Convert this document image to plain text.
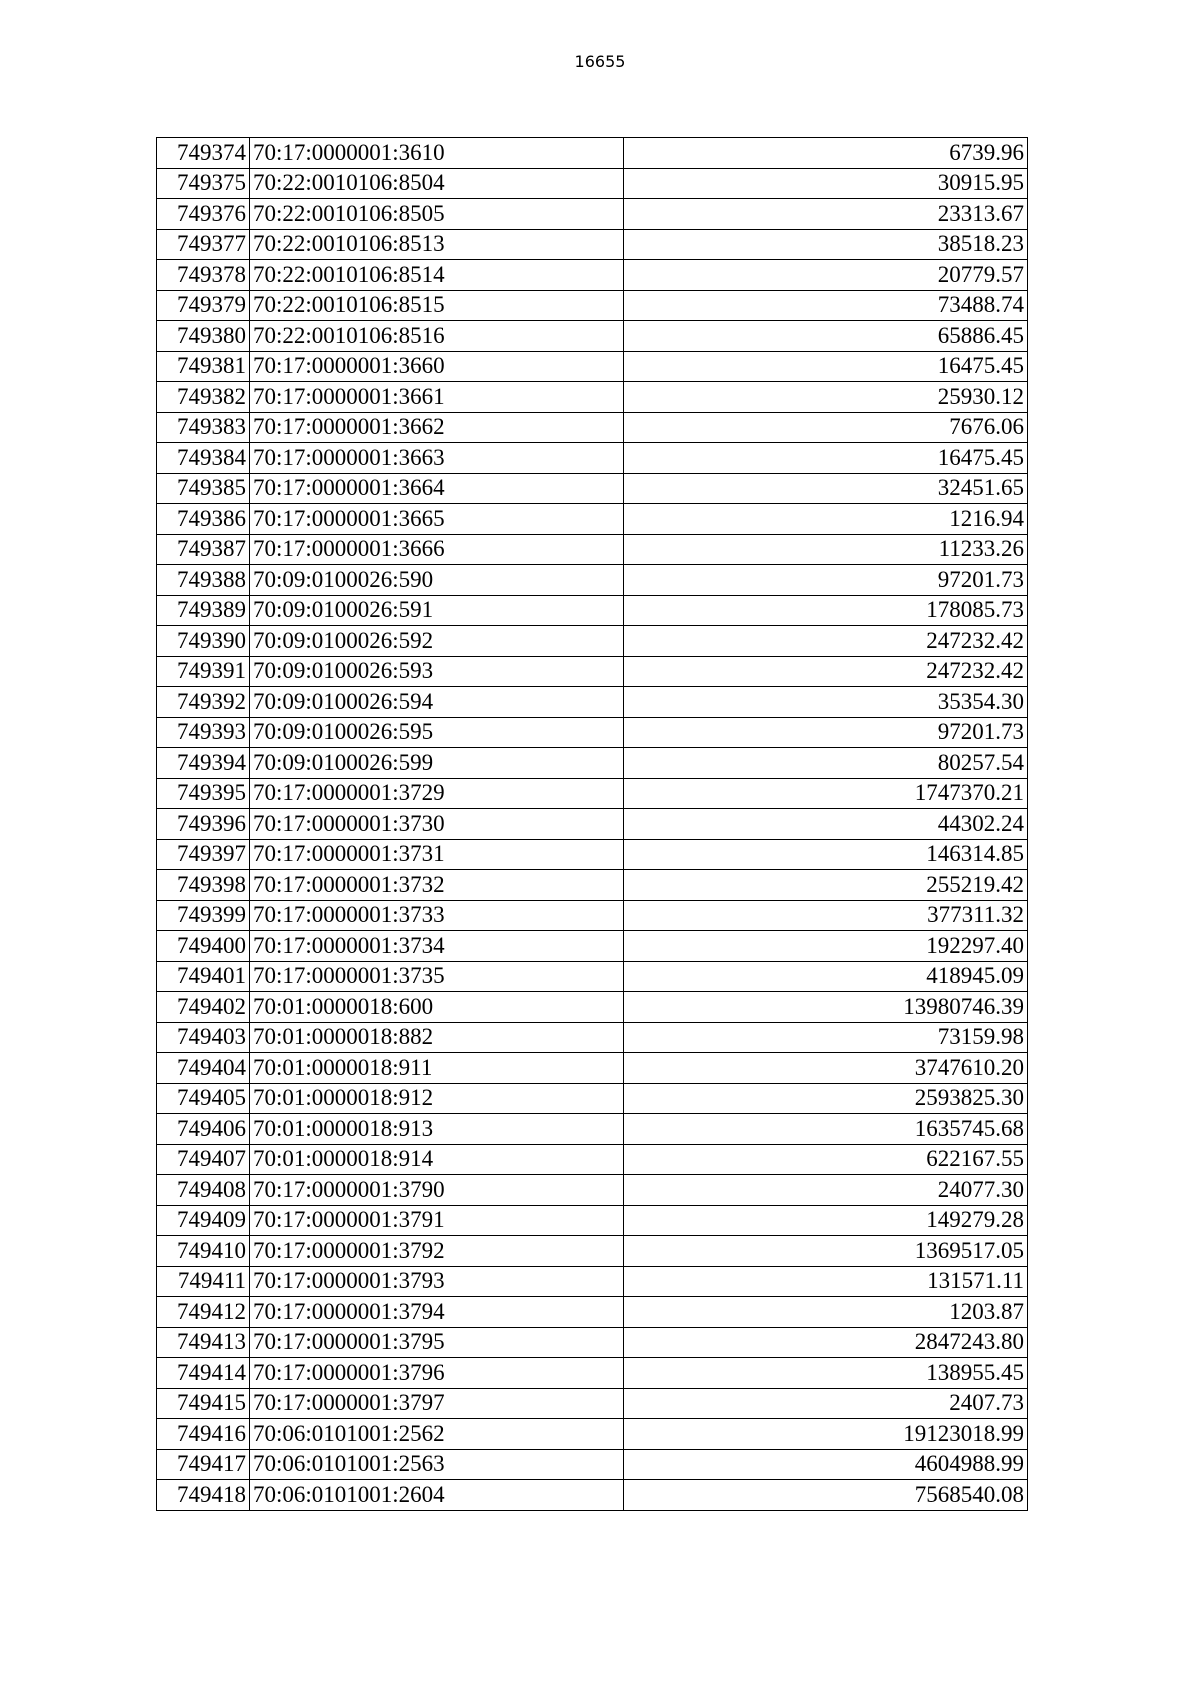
16655
749374	70:17:0000001:3610	6739.96
749375	70:22:0010106:8504	30915.95
749376	70:22:0010106:8505	23313.67
749377	70:22:0010106:8513	38518.23
749378	70:22:0010106:8514	20779.57
749379	70:22:0010106:8515	73488.74
749380	70:22:0010106:8516	65886.45
749381	70:17:0000001:3660	16475.45
749382	70:17:0000001:3661	25930.12
749383	70:17:0000001:3662	7676.06
749384	70:17:0000001:3663	16475.45
749385	70:17:0000001:3664	32451.65
749386	70:17:0000001:3665	1216.94
749387	70:17:0000001:3666	11233.26
749388	70:09:0100026:590	97201.73
749389	70:09:0100026:591	178085.73
749390	70:09:0100026:592	247232.42
749391	70:09:0100026:593	247232.42
749392	70:09:0100026:594	35354.30
749393	70:09:0100026:595	97201.73
749394	70:09:0100026:599	80257.54
749395	70:17:0000001:3729	1747370.21
749396	70:17:0000001:3730	44302.24
749397	70:17:0000001:3731	146314.85
749398	70:17:0000001:3732	255219.42
749399	70:17:0000001:3733	377311.32
749400	70:17:0000001:3734	192297.40
749401	70:17:0000001:3735	418945.09
749402	70:01:0000018:600	13980746.39
749403	70:01:0000018:882	73159.98
749404	70:01:0000018:911	3747610.20
749405	70:01:0000018:912	2593825.30
749406	70:01:0000018:913	1635745.68
749407	70:01:0000018:914	622167.55
749408	70:17:0000001:3790	24077.30
749409	70:17:0000001:3791	149279.28
749410	70:17:0000001:3792	1369517.05
749411	70:17:0000001:3793	131571.11
749412	70:17:0000001:3794	1203.87
749413	70:17:0000001:3795	2847243.80
749414	70:17:0000001:3796	138955.45
749415	70:17:0000001:3797	2407.73
749416	70:06:0101001:2562	19123018.99
749417	70:06:0101001:2563	4604988.99
749418	70:06:0101001:2604	7568540.08
